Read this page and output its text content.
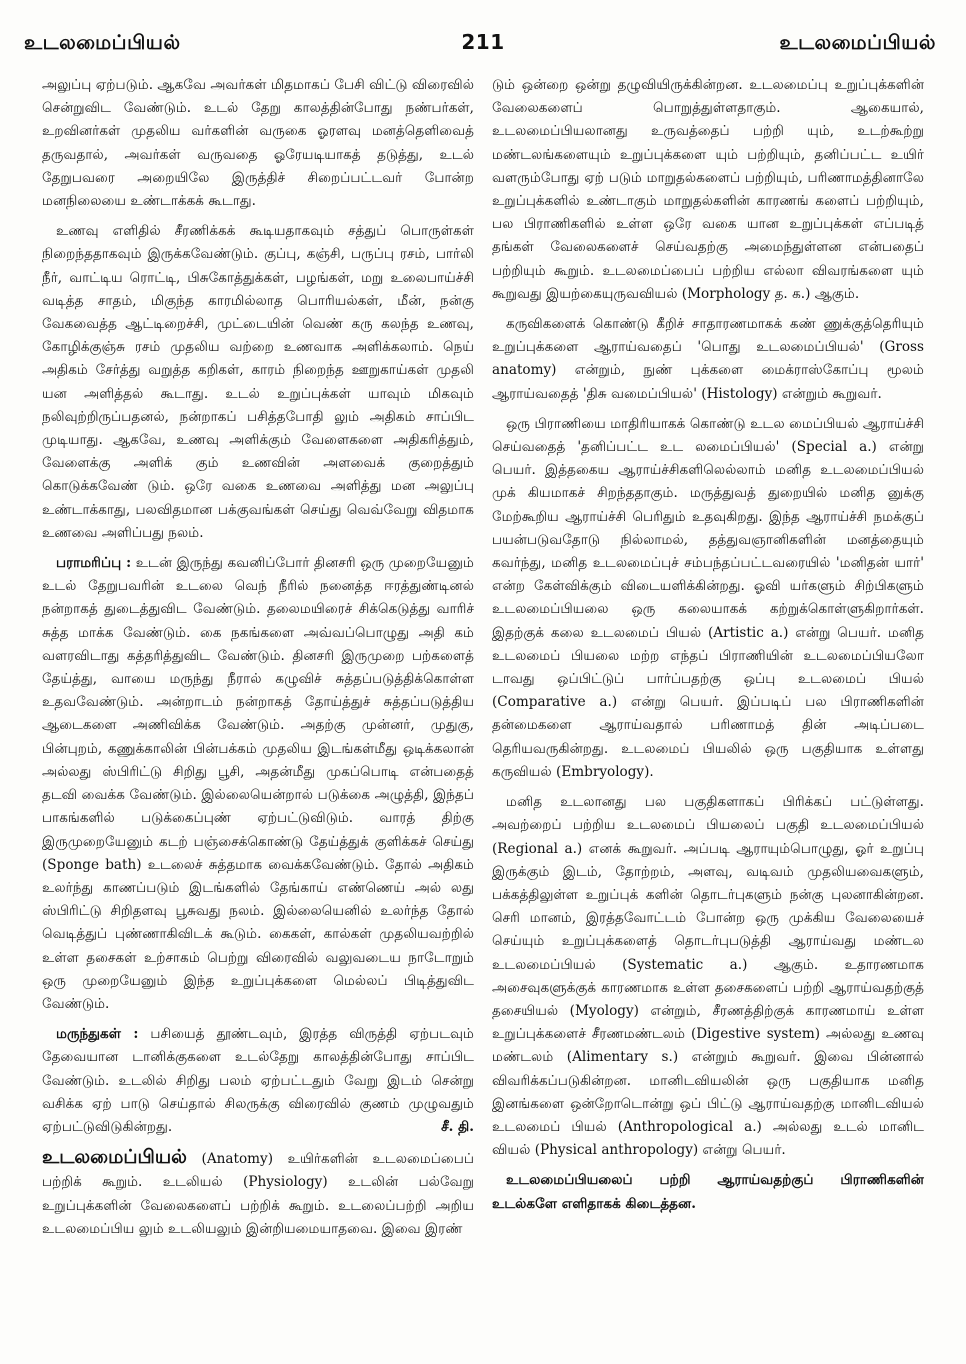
உடலமைப்பியல்	211	உடலமைப்பியல்

அலுப்பு ஏற்படும். ஆகவே அவர்கள் மிதமாகப் பேசி விட்டு விரைவில் சென்றுவிட வேண்டும். உடல் தேறு காலத்தின்போது நண்பர்கள், உறவினர்கள் முதலிய வர்களின் வருகை ஓரளவு மனத்தெளிவைத் தருவதால், அவர்கள் வருவதை ஓரேயடியாகத் தடுத்து, உடல் தேறுபவரை அறையிலே இருத்திச் சிறைப்பட்டவர் போன்ற மனநிலையை உண்டாக்கக் கூடாது.

உணவு எளிதில் சீரணிக்கக் கூடியதாகவும் சத்துப் பொருள்கள் நிறைந்ததாகவும் இருக்கவேண்டும். குப்பு, கஞ்சி, பருப்பு ரசம், பார்லி நீர், வாட்டிய ரொட்டி, பிசுகோத்துக்கள், பழங்கள், மறு உலைபாய்ச்சி வடித்த சாதம், மிகுந்த காரமில்லாத பொரியல்கள், மீன், நன்கு வேகவைத்த ஆட்டிறைச்சி, முட்டையின் வெண் கரு கலந்த உணவு, கோழிக்குஞ்சு ரசம் முதலிய வற்றை உணவாக அளிக்கலாம். நெய் அதிகம் சேர்த்து வறுத்த கறிகள், காரம் நிறைந்த ஊறுகாய்கள் முதலி யன அளித்தல் கூடாது. உடல் உறுப்புக்கள் யாவும் மிகவும் நலிவுற்றிருப்பதனல், நன்றாகப் பசித்தபோதி லும் அதிகம் சாப்பிட முடியாது. ஆகவே, உணவு அளிக்கும் வேளைகளை அதிகரித்தும், வேளைக்கு அளிக் கும் உணவின் அளவைக் குறைத்தும் கொடுக்கவேண் டும். ஒரே வகை உணவை அளித்து மன அலுப்பு உண்டாக்காது, பலவிதமான பக்குவங்கள் செய்து வெவ்வேறு விதமாக உணவை அளிப்பது நலம்.

பராமரிப்பு : உடன் இருந்து கவனிப்போர் தினசரி ஒரு முறையேனும் உடல் தேறுபவரின் உடலை வெந் நீரில் நனைத்த ஈரத்துண்டினல் நன்றாகத் துடைத்துவிட வேண்டும். தலைமயிரைச் சிக்கெடுத்து வாரிச் சுத்த மாக்க வேண்டும். கை நகங்களை அவ்வப்பொழுது அதி கம் வளரவிடாது கத்தரித்துவிட வேண்டும். தினசரி இருமுறை பற்களைத் தேய்த்து, வாயை மருந்து நீரால் கழுவிச் சுத்தப்படுத்திக்கொள்ள உதவவேண்டும். அன்றாடம் நன்றாகத் தோய்த்துச் சுத்தப்படுத்திய ஆடைகளை அணிவிக்க வேண்டும். அதற்கு முன்னர், முதுகு, பின்புறம், கணுக்காலின் பின்பக்கம் முதலிய இடங்கள்மீது ஒடிக்கலான் அல்லது ஸ்பிரிட்டு சிறிது பூசி, அதன்மீது முகப்பொடி என்பதைத் தடவி வைக்க வேண்டும். இல்லையென்றால் படுக்கை அழுத்தி, இந்தப் பாகங்களில் படுக்கைப்புண் ஏற்பட்டுவிடும். வாரத் திற்கு இருமுறையேனும் கடற் பஞ்சைக்கொண்டு தேய்த்துக் குளிக்கச் செய்து (Sponge bath) உடலைச் சுத்தமாக வைக்கவேண்டும். தோல் அதிகம் உலர்ந்து காணப்படும் இடங்களில் தேங்காய் எண்ணெய் அல் லது ஸ்பிரிட்டு சிறிதளவு பூசுவது நலம். இல்லையெனில் உலர்ந்த தோல் வெடித்துப் புண்ணாகிவிடக் கூடும். கைகள், கால்கள் முதலியவற்றில் உள்ள தசைகள் உற்சாகம் பெற்று விரைவில் வலுவடைய நாடோறும் ஒரு முறையேனும் இந்த உறுப்புக்களை மெல்லப் பிடித்துவிட வேண்டும்.

மருந்துகள் : பசியைத் தூண்டவும், இரத்த விருத்தி ஏற்படவும் தேவையான டானிக்குகளை உடல்தேறு காலத்தின்போது சாப்பிட வேண்டும். உடலில் சிறிது பலம் ஏற்பட்டதும் வேறு இடம் சென்று வசிக்க ஏற் பாடு செய்தால் சிலருக்கு விரைவில் குணம் முழுவதும் ஏற்பட்டுவிடுகின்றது.	சீ. தி.

உடலமைப்பியல் (Anatomy) உயிர்களின் உடலமைப்பைப் பற்றிக் கூறும். உடலியல் (Physiology) உடலின் பல்வேறு உறுப்புக்களின் வேலைகளைப் பற்றிக் கூறும். உடலைப்பற்றி அறிய உடலமைப்பிய லும் உடலியலும் இன்றியமையாதவை. இவை இரண்

டும் ஒன்றை ஒன்று தழுவியிருக்கின்றன. உடலமைப்பு உறுப்புக்களின் வேலைகளைப் பொறுத்துள்ளதாகும். ஆகையால், உடலமைப்பியலானது உருவத்தைப் பற்றி யும், உடற்கூற்று மண்டலங்களையும் உறுப்புக்களை யும் பற்றியும், தனிப்பட்ட உயிர் வளரும்போது ஏற் படும் மாறுதல்களைப் பற்றியும், பரிணாமத்தினாலே உறுப்புக்களில் உண்டாகும் மாறுதல்களின் காரணங் களைப் பற்றியும், பல பிராணிகளில் உள்ள ஒரே வகை யான உறுப்புக்கள் எப்படித் தங்கள் வேலைகளைச் செய்வதற்கு அமைந்துள்ளன என்பதைப் பற்றியும் கூறும். உடலமைப்பைப் பற்றிய எல்லா விவரங்களை யும் கூறுவது இயற்கையுருவவியல் (Morphology த. க.) ஆகும்.

கருவிகளைக் கொண்டு கீறிச் சாதாரணமாகக் கண் ணுக்குத்தெரியும் உறுப்புக்களை ஆராய்வதைப் 'பொது உடலமைப்பியல்' (Gross anatomy) என்றும், நுண் புக்களை மைக்ராஸ்கோப்பு மூலம் ஆராய்வதைத் 'திசு வமைப்பியல்' (Histology) என்றும் கூறுவர்.

ஒரு பிராணியை மாதிரியாகக் கொண்டு உடல மைப்பியல் ஆராய்ச்சி செய்வதைத் 'தனிப்பட்ட உட லமைப்பியல்' (Special a.) என்று பெயர். இத்தகைய ஆராய்ச்சிகளிலெல்லாம் மனித உடலமைப்பியல் முக் கியமாகச் சிறந்ததாகும். மருத்துவத் துறையில் மனித னுக்கு மேற்கூறிய ஆராய்ச்சி பெரிதும் உதவுகிறது. இந்த ஆராய்ச்சி நமக்குப் பயன்படுவதோடு நில்லாமல், தத்துவஞானிகளின் மனத்தையும் கவர்ந்து, மனித உடலமைப்புச் சம்பந்தப்பட்டவரையில் 'மனிதன் யார்' என்ற கேள்விக்கும் விடையளிக்கின்றது. ஓவி யர்களும் சிற்பிகளும் உடலமைப்பியலை ஒரு கலையாகக் கற்றுக்கொள்ளுகிறார்கள். இதற்குக் கலை உடலமைப் பியல் (Artistic a.) என்று பெயர். மனித உடலமைப் பியலை மற்ற எந்தப் பிராணியின் உடலமைப்பியலோ டாவது ஒப்பிட்டுப் பார்ப்பதற்கு ஒப்பு உடலமைப் பியல் (Comparative a.) என்று பெயர். இப்படிப் பல பிராணிகளின் தன்மைகளை ஆராய்வதால் பரிணாமத் தின் அடிப்படை தெரியவருகின்றது. உடலமைப் பியலில் ஒரு பகுதியாக உள்ளது கருவியல் (Embryology).

மனித உடலானது பல பகுதிகளாகப் பிரிக்கப் பட்டுள்ளது. அவற்றைப் பற்றிய உடலமைப் பியலைப் பகுதி உடலமைப்பியல் (Regional a.) எனக் கூறுவர். அப்படி ஆராயும்பொழுது, ஓர் உறுப்பு இருக்கும் இடம், தோற்றம், அளவு, வடிவம் முதலியவைகளும், பக்கத்திலுள்ள உறுப்புக் களின் தொடர்புகளும் நன்கு புலனாகின்றன. செரி மானம், இரத்தவோட்டம் போன்ற ஒரு முக்கிய வேலையைச் செய்யும் உறுப்புக்களைத் தொடர்புபடுத்தி ஆராய்வது மண்டல உடலமைப்பியல் (Systematic a.) ஆகும். உதாரணமாக அசைவுகளுக்குக் காரணமாக உள்ள தசைகளைப் பற்றி ஆராய்வதற்குத் தசையியல் (Myology) என்றும், சீரணத்திற்குக் காரணமாய் உள்ள உறுப்புக்களைச் சீரணமண்டலம் (Digestive system) அல்லது உணவு மண்டலம் (Alimentary s.) என்றும் கூறுவர். இவை பின்னால் விவரிக்கப்படுகின்றன. மானிடவியலின் ஒரு பகுதியாக மனித இனங்களை ஒன்றோடொன்று ஒப் பிட்டு ஆராய்வதற்கு மானிடவியல் உடலமைப் பியல் (Anthropological a.) அல்லது உடல் மானிட வியல் (Physical anthropology) என்று பெயர்.

உடலமைப்பியலைப் பற்றி ஆராய்வதற்குப் பிராணிகளின் உடல்களே எளிதாகக் கிடைத்தன.
